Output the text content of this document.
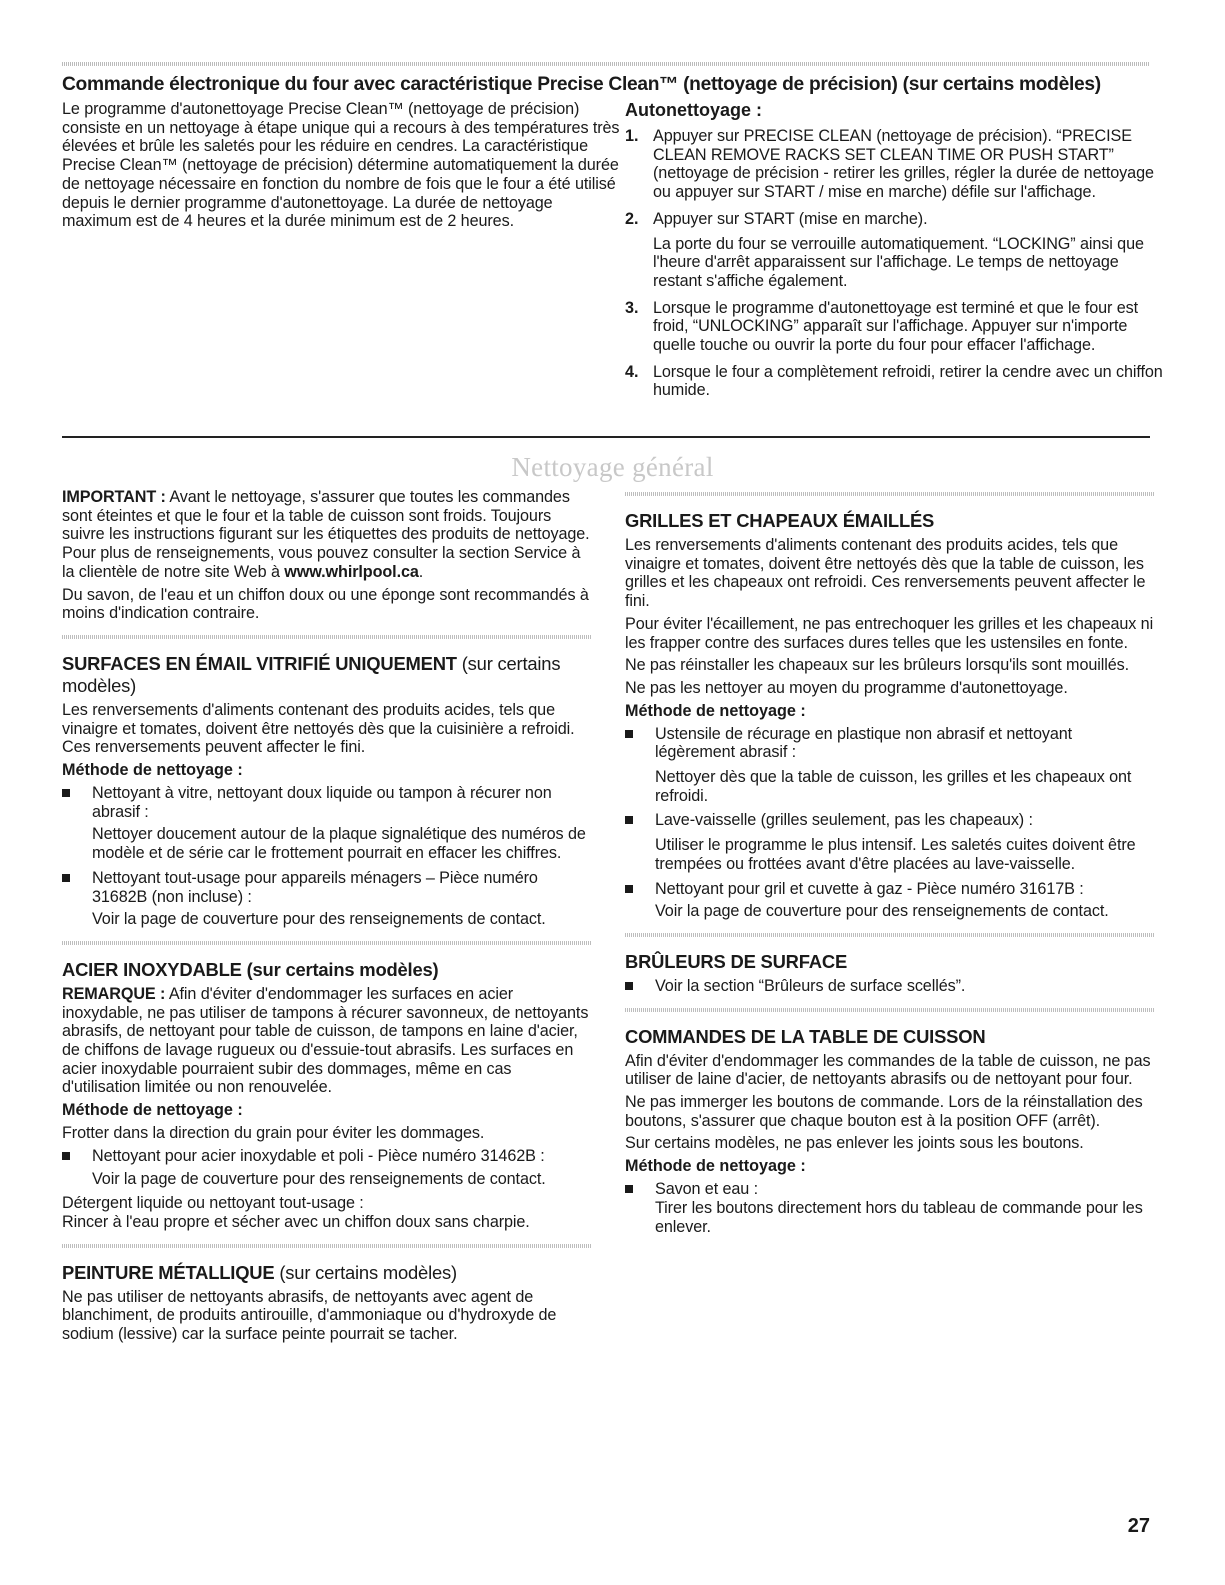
Commande électronique du four avec caractéristique Precise Clean™ (nettoyage de précision) (sur certains modèles)

Le programme d'autonettoyage Precise Clean™ (nettoyage de précision) consiste en un nettoyage à étape unique qui a recours à des températures très élevées et brûle les saletés pour les réduire en cendres. La caractéristique Precise Clean™ (nettoyage de précision) détermine automatiquement la durée de nettoyage nécessaire en fonction du nombre de fois que le four a été utilisé depuis le dernier programme d'autonettoyage. La durée de nettoyage maximum est de 4 heures et la durée minimum est de 2 heures.

Autonettoyage :
1. Appuyer sur PRECISE CLEAN (nettoyage de précision). “PRECISE CLEAN REMOVE RACKS SET CLEAN TIME OR PUSH START” (nettoyage de précision - retirer les grilles, régler la durée de nettoyage ou appuyer sur START / mise en marche) défile sur l'affichage.
2. Appuyer sur START (mise en marche).
La porte du four se verrouille automatiquement. “LOCKING” ainsi que l'heure d'arrêt apparaissent sur l'affichage. Le temps de nettoyage restant s'affiche également.
3. Lorsque le programme d'autonettoyage est terminé et que le four est froid, “UNLOCKING” apparaît sur l'affichage. Appuyer sur n'importe quelle touche ou ouvrir la porte du four pour effacer l'affichage.
4. Lorsque le four a complètement refroidi, retirer la cendre avec un chiffon humide.
Nettoyage général

IMPORTANT : Avant le nettoyage, s'assurer que toutes les commandes sont éteintes et que le four et la table de cuisson sont froids. Toujours suivre les instructions figurant sur les étiquettes des produits de nettoyage. Pour plus de renseignements, vous pouvez consulter la section Service à la clientèle de notre site Web à www.whirlpool.ca.

Du savon, de l'eau et un chiffon doux ou une éponge sont recommandés à moins d'indication contraire.

SURFACES EN ÉMAIL VITRIFIÉ UNIQUEMENT (sur certains modèles)

Les renversements d'aliments contenant des produits acides, tels que vinaigre et tomates, doivent être nettoyés dès que la cuisinière a refroidi. Ces renversements peuvent affecter le fini.

Méthode de nettoyage :
Nettoyant à vitre, nettoyant doux liquide ou tampon à récurer non abrasif :
Nettoyer doucement autour de la plaque signalétique des numéros de modèle et de série car le frottement pourrait en effacer les chiffres.
Nettoyant tout-usage pour appareils ménagers – Pièce numéro 31682B (non incluse) :
Voir la page de couverture pour des renseignements de contact.
ACIER INOXYDABLE (sur certains modèles)

REMARQUE : Afin d'éviter d'endommager les surfaces en acier inoxydable, ne pas utiliser de tampons à récurer savonneux, de nettoyants abrasifs, de nettoyant pour table de cuisson, de tampons en laine d'acier, de chiffons de lavage rugueux ou d'essuie-tout abrasifs. Les surfaces en acier inoxydable pourraient subir des dommages, même en cas d'utilisation limitée ou non renouvelée.

Méthode de nettoyage :

Frotter dans la direction du grain pour éviter les dommages.

Nettoyant pour acier inoxydable et poli - Pièce numéro 31462B :
Voir la page de couverture pour des renseignements de contact.

Détergent liquide ou nettoyant tout-usage :

Rincer à l'eau propre et sécher avec un chiffon doux sans charpie.

PEINTURE MÉTALLIQUE (sur certains modèles)

Ne pas utiliser de nettoyants abrasifs, de nettoyants avec agent de blanchiment, de produits antirouille, d'ammoniaque ou d'hydroxyde de sodium (lessive) car la surface peinte pourrait se tacher.

GRILLES ET CHAPEAUX ÉMAILLÉS

Les renversements d'aliments contenant des produits acides, tels que vinaigre et tomates, doivent être nettoyés dès que la table de cuisson, les grilles et les chapeaux ont refroidi. Ces renversements peuvent affecter le fini.

Pour éviter l'écaillement, ne pas entrechoquer les grilles et les chapeaux ni les frapper contre des surfaces dures telles que les ustensiles en fonte.

Ne pas réinstaller les chapeaux sur les brûleurs lorsqu'ils sont mouillés.

Ne pas les nettoyer au moyen du programme d'autonettoyage.

Méthode de nettoyage :
Ustensile de récurage en plastique non abrasif et nettoyant légèrement abrasif :
Nettoyer dès que la table de cuisson, les grilles et les chapeaux ont refroidi.
Lave-vaisselle (grilles seulement, pas les chapeaux) :
Utiliser le programme le plus intensif. Les saletés cuites doivent être trempées ou frottées avant d'être placées au lave-vaisselle.
Nettoyant pour gril et cuvette à gaz - Pièce numéro 31617B :
Voir la page de couverture pour des renseignements de contact.
BRÛLEURS DE SURFACE
Voir la section “Brûleurs de surface scellés”.
COMMANDES DE LA TABLE DE CUISSON

Afin d'éviter d'endommager les commandes de la table de cuisson, ne pas utiliser de laine d'acier, de nettoyants abrasifs ou de nettoyant pour four.

Ne pas immerger les boutons de commande. Lors de la réinstallation des boutons, s'assurer que chaque bouton est à la position OFF (arrêt).

Sur certains modèles, ne pas enlever les joints sous les boutons.

Méthode de nettoyage :
Savon et eau :
Tirer les boutons directement hors du tableau de commande pour les enlever.
27
